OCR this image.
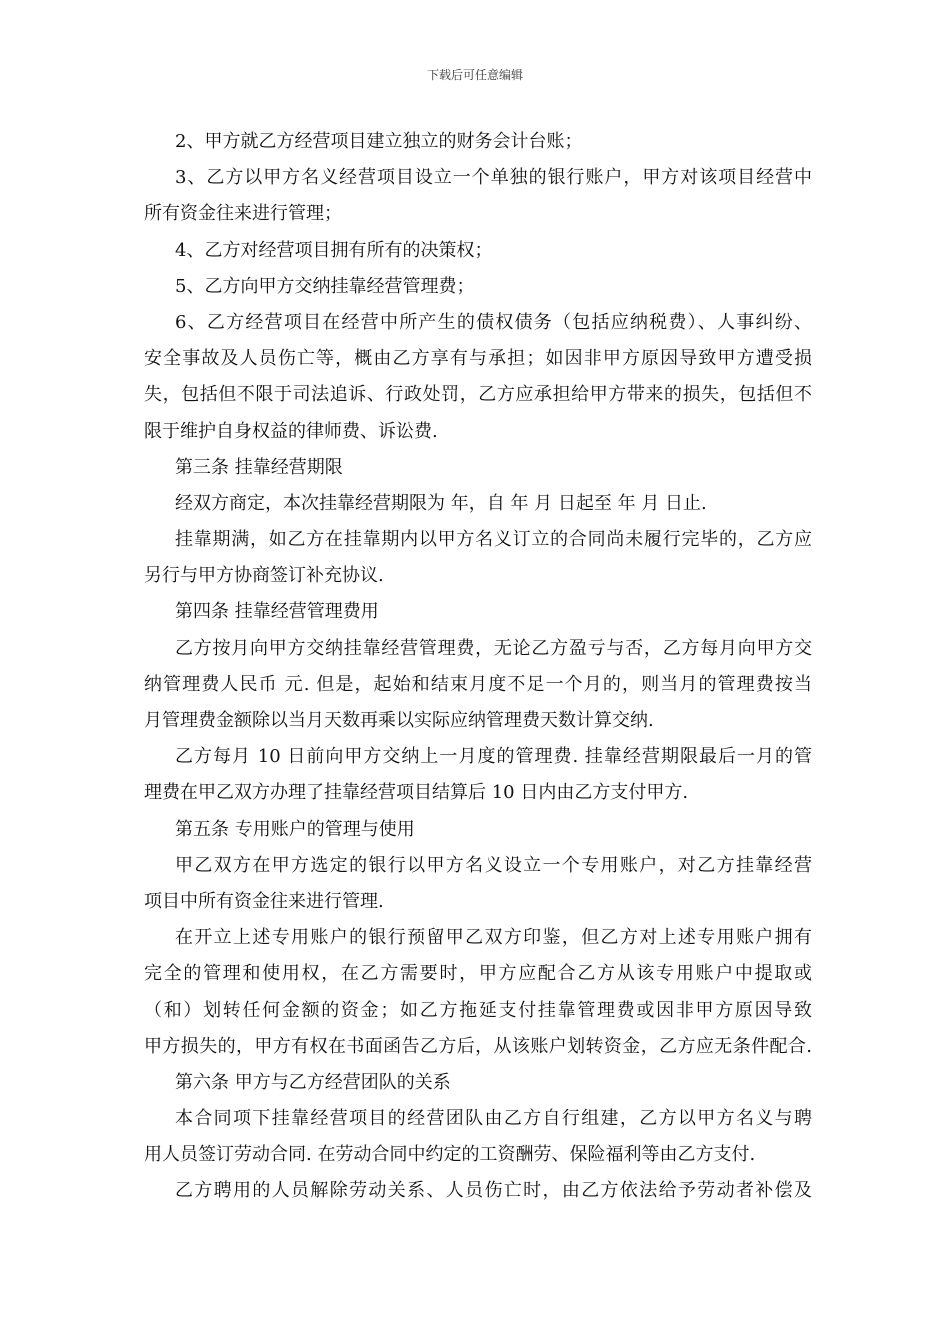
下载后可任意编辑
2、甲方就乙方经营项目建立独立的财务会计台账；
3、乙方以甲方名义经营项目设立一个单独的银行账户，甲方对该项目经营中
所有资金往来进行管理；
4、乙方对经营项目拥有所有的决策权；
5、乙方向甲方交纳挂靠经营管理费；
6、乙方经营项目在经营中所产生的债权债务（包括应纳税费）、人事纠纷、
安全事故及人员伤亡等，概由乙方享有与承担；如因非甲方原因导致甲方遭受损
失，包括但不限于司法追诉、行政处罚，乙方应承担给甲方带来的损失，包括但不
限于维护自身权益的律师费、诉讼费.
第三条 挂靠经营期限
经双方商定，本次挂靠经营期限为 年，自 年 月 日起至 年 月 日止.
挂靠期满，如乙方在挂靠期内以甲方名义订立的合同尚未履行完毕的，乙方应
另行与甲方协商签订补充协议.
第四条 挂靠经营管理费用
乙方按月向甲方交纳挂靠经营管理费，无论乙方盈亏与否，乙方每月向甲方交
纳管理费人民币 元. 但是，起始和结束月度不足一个月的，则当月的管理费按当
月管理费金额除以当月天数再乘以实际应纳管理费天数计算交纳.
乙方每月 10 日前向甲方交纳上一月度的管理费. 挂靠经营期限最后一月的管
理费在甲乙双方办理了挂靠经营项目结算后 10 日内由乙方支付甲方.
第五条 专用账户的管理与使用
甲乙双方在甲方选定的银行以甲方名义设立一个专用账户，对乙方挂靠经营
项目中所有资金往来进行管理.
在开立上述专用账户的银行预留甲乙双方印鉴，但乙方对上述专用账户拥有
完全的管理和使用权，在乙方需要时，甲方应配合乙方从该专用账户中提取或
（和）划转任何金额的资金；如乙方拖延支付挂靠管理费或因非甲方原因导致
甲方损失的，甲方有权在书面函告乙方后，从该账户划转资金，乙方应无条件配合.
第六条 甲方与乙方经营团队的关系
本合同项下挂靠经营项目的经营团队由乙方自行组建，乙方以甲方名义与聘
用人员签订劳动合同. 在劳动合同中约定的工资酬劳、保险福利等由乙方支付.
乙方聘用的人员解除劳动关系、人员伤亡时，由乙方依法给予劳动者补偿及
